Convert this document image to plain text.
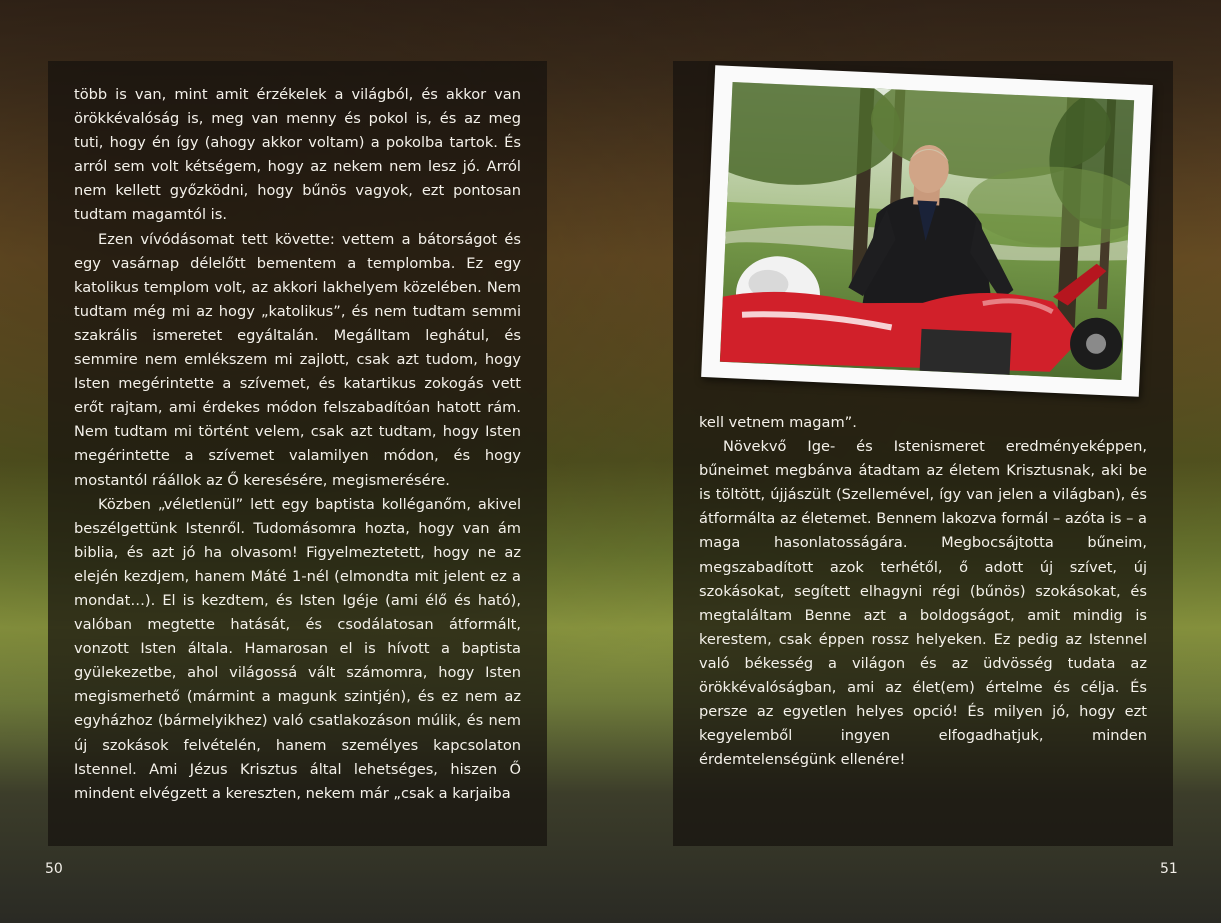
több is van, mint amit érzékelek a világból, és akkor van örökkévalóság is, meg van menny és pokol is, és az meg tuti, hogy én így (ahogy akkor voltam) a pokolba tartok. És arról sem volt kétségem, hogy az nekem nem lesz jó. Arról nem kellett győzködni, hogy bűnös vagyok, ezt pontosan tudtam magamtól is.

Ezen vívódásomat tett követte: vettem a bátorságot és egy vasárnap délelőtt bementem a templomba. Ez egy katolikus templom volt, az akkori lakhelyem közelében. Nem tudtam még mi az hogy „katolikus”, és nem tudtam semmi szakrális ismeretet egyáltalán. Megálltam leghátul, és semmire nem emlékszem mi zajlott, csak azt tudom, hogy Isten megérintette a szívemet, és katartikus zokogás vett erőt rajtam, ami érdekes módon felszabadítóan hatott rám. Nem tudtam mi történt velem, csak azt tudtam, hogy Isten megérintette a szívemet valamilyen módon, és hogy mostantól ráállok az Ő keresésére, megismerésére.

Közben „véletlenül” lett egy baptista kolléganőm, akivel beszélgettünk Istenről. Tudomásomra hozta, hogy van ám biblia, és azt jó ha olvasom! Figyelmeztetett, hogy ne az elején kezdjem, hanem Máté 1-nél (elmondta mit jelent ez a mondat…). El is kezdtem, és Isten Igéje (ami élő és ható), valóban megtette hatását, és csodálatosan átformált, vonzott Isten általa. Hamarosan el is hívott a baptista gyülekezetbe, ahol világossá vált számomra, hogy Isten megismerhető (mármint a magunk szintjén), és ez nem az egyházhoz (bármelyikhez) való csatlakozáson múlik, és nem új szokások felvételén, hanem személyes kapcsolaton Istennel. Ami Jézus Krisztus által lehetséges, hiszen Ő mindent elvégzett a kereszten, nekem már „csak a karjaiba

kell vetnem magam”.

Növekvő Ige- és Istenismeret eredményeképpen, bűneimet megbánva átadtam az életem Krisztusnak, aki be is töltött, újjászült (Szellemével, így van jelen a világban), és átformálta az életemet. Bennem lakozva formál – azóta is – a maga hasonlatosságára. Megbocsájtotta bűneim, megszabadított azok terhétől, ő adott új szívet, új szokásokat, segített elhagyni régi (bűnös) szokásokat, és megtaláltam Benne azt a boldogságot, amit mindig is kerestem, csak éppen rossz helyeken. Ez pedig az Istennel való békesség a világon és az üdvösség tudata az örökkévalóságban, ami az élet(em) értelme és célja. És persze az egyetlen helyes opció! És milyen jó, hogy ezt kegyelemből ingyen elfogadhatjuk, minden érdemtelenségünk ellenére!

50	51
